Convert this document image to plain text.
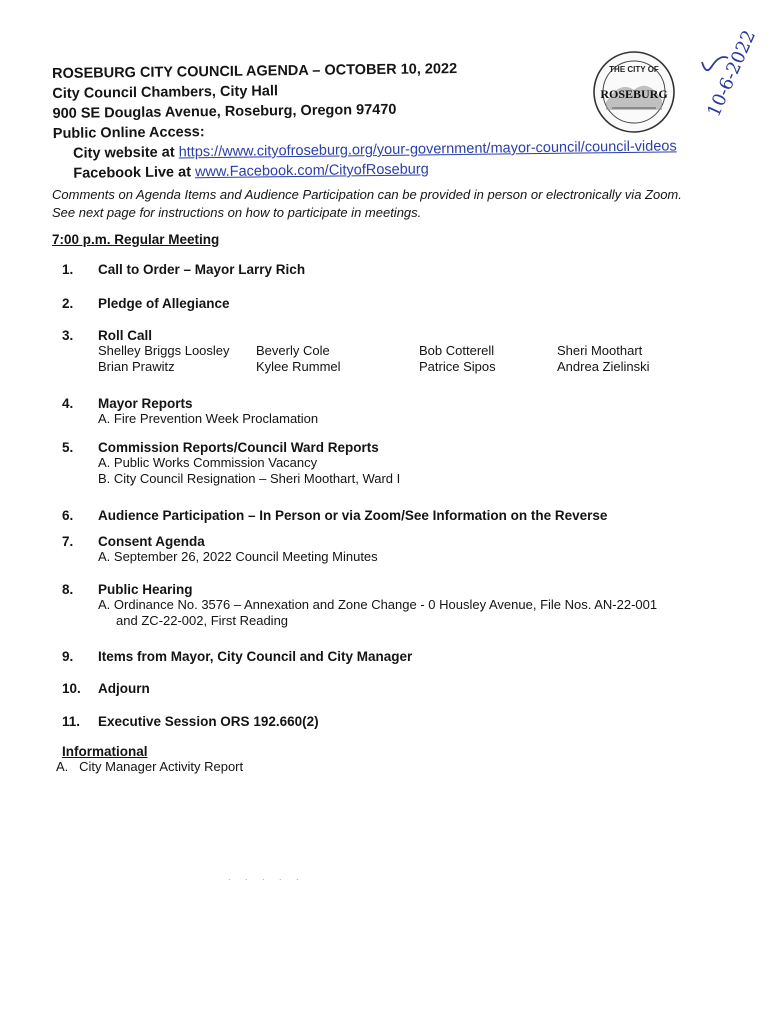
ROSEBURG CITY COUNCIL AGENDA – OCTOBER 10, 2022
City Council Chambers, City Hall
900 SE Douglas Avenue, Roseburg, Oregon 97470
Public Online Access:
City website at https://www.cityofroseburg.org/your-government/mayor-council/council-videos
Facebook Live at www.Facebook.com/CityofRoseburg
THE CITY OF
ROSEBURG 10-6-2022
Comments on Agenda Items and Audience Participation can be provided in person or electronically via Zoom. See next page for instructions on how to participate in meetings.
7:00 p.m. Regular Meeting
1. Call to Order – Mayor Larry Rich
2. Pledge of Allegiance
3. Roll Call
Shelley Briggs Loosley
Brian Prawitz
Beverly Cole
Kylee Rummel
Bob Cotterell
Patrice Sipos
Sheri Moothart
Andrea Zielinski
4. Mayor Reports
A. Fire Prevention Week Proclamation
5. Commission Reports/Council Ward Reports
A. Public Works Commission Vacancy
B. City Council Resignation – Sheri Moothart, Ward I
6. Audience Participation – In Person or via Zoom/See Information on the Reverse
7. Consent Agenda
A. September 26, 2022 Council Meeting Minutes
8. Public Hearing
A. Ordinance No. 3576 – Annexation and Zone Change - 0 Housley Avenue, File Nos. AN-22-001
and ZC-22-002, First Reading
9. Items from Mayor, City Council and City Manager
10. Adjourn
11. Executive Session ORS 192.660(2)
Informational
A.   City Manager Activity Report
. . . . .
